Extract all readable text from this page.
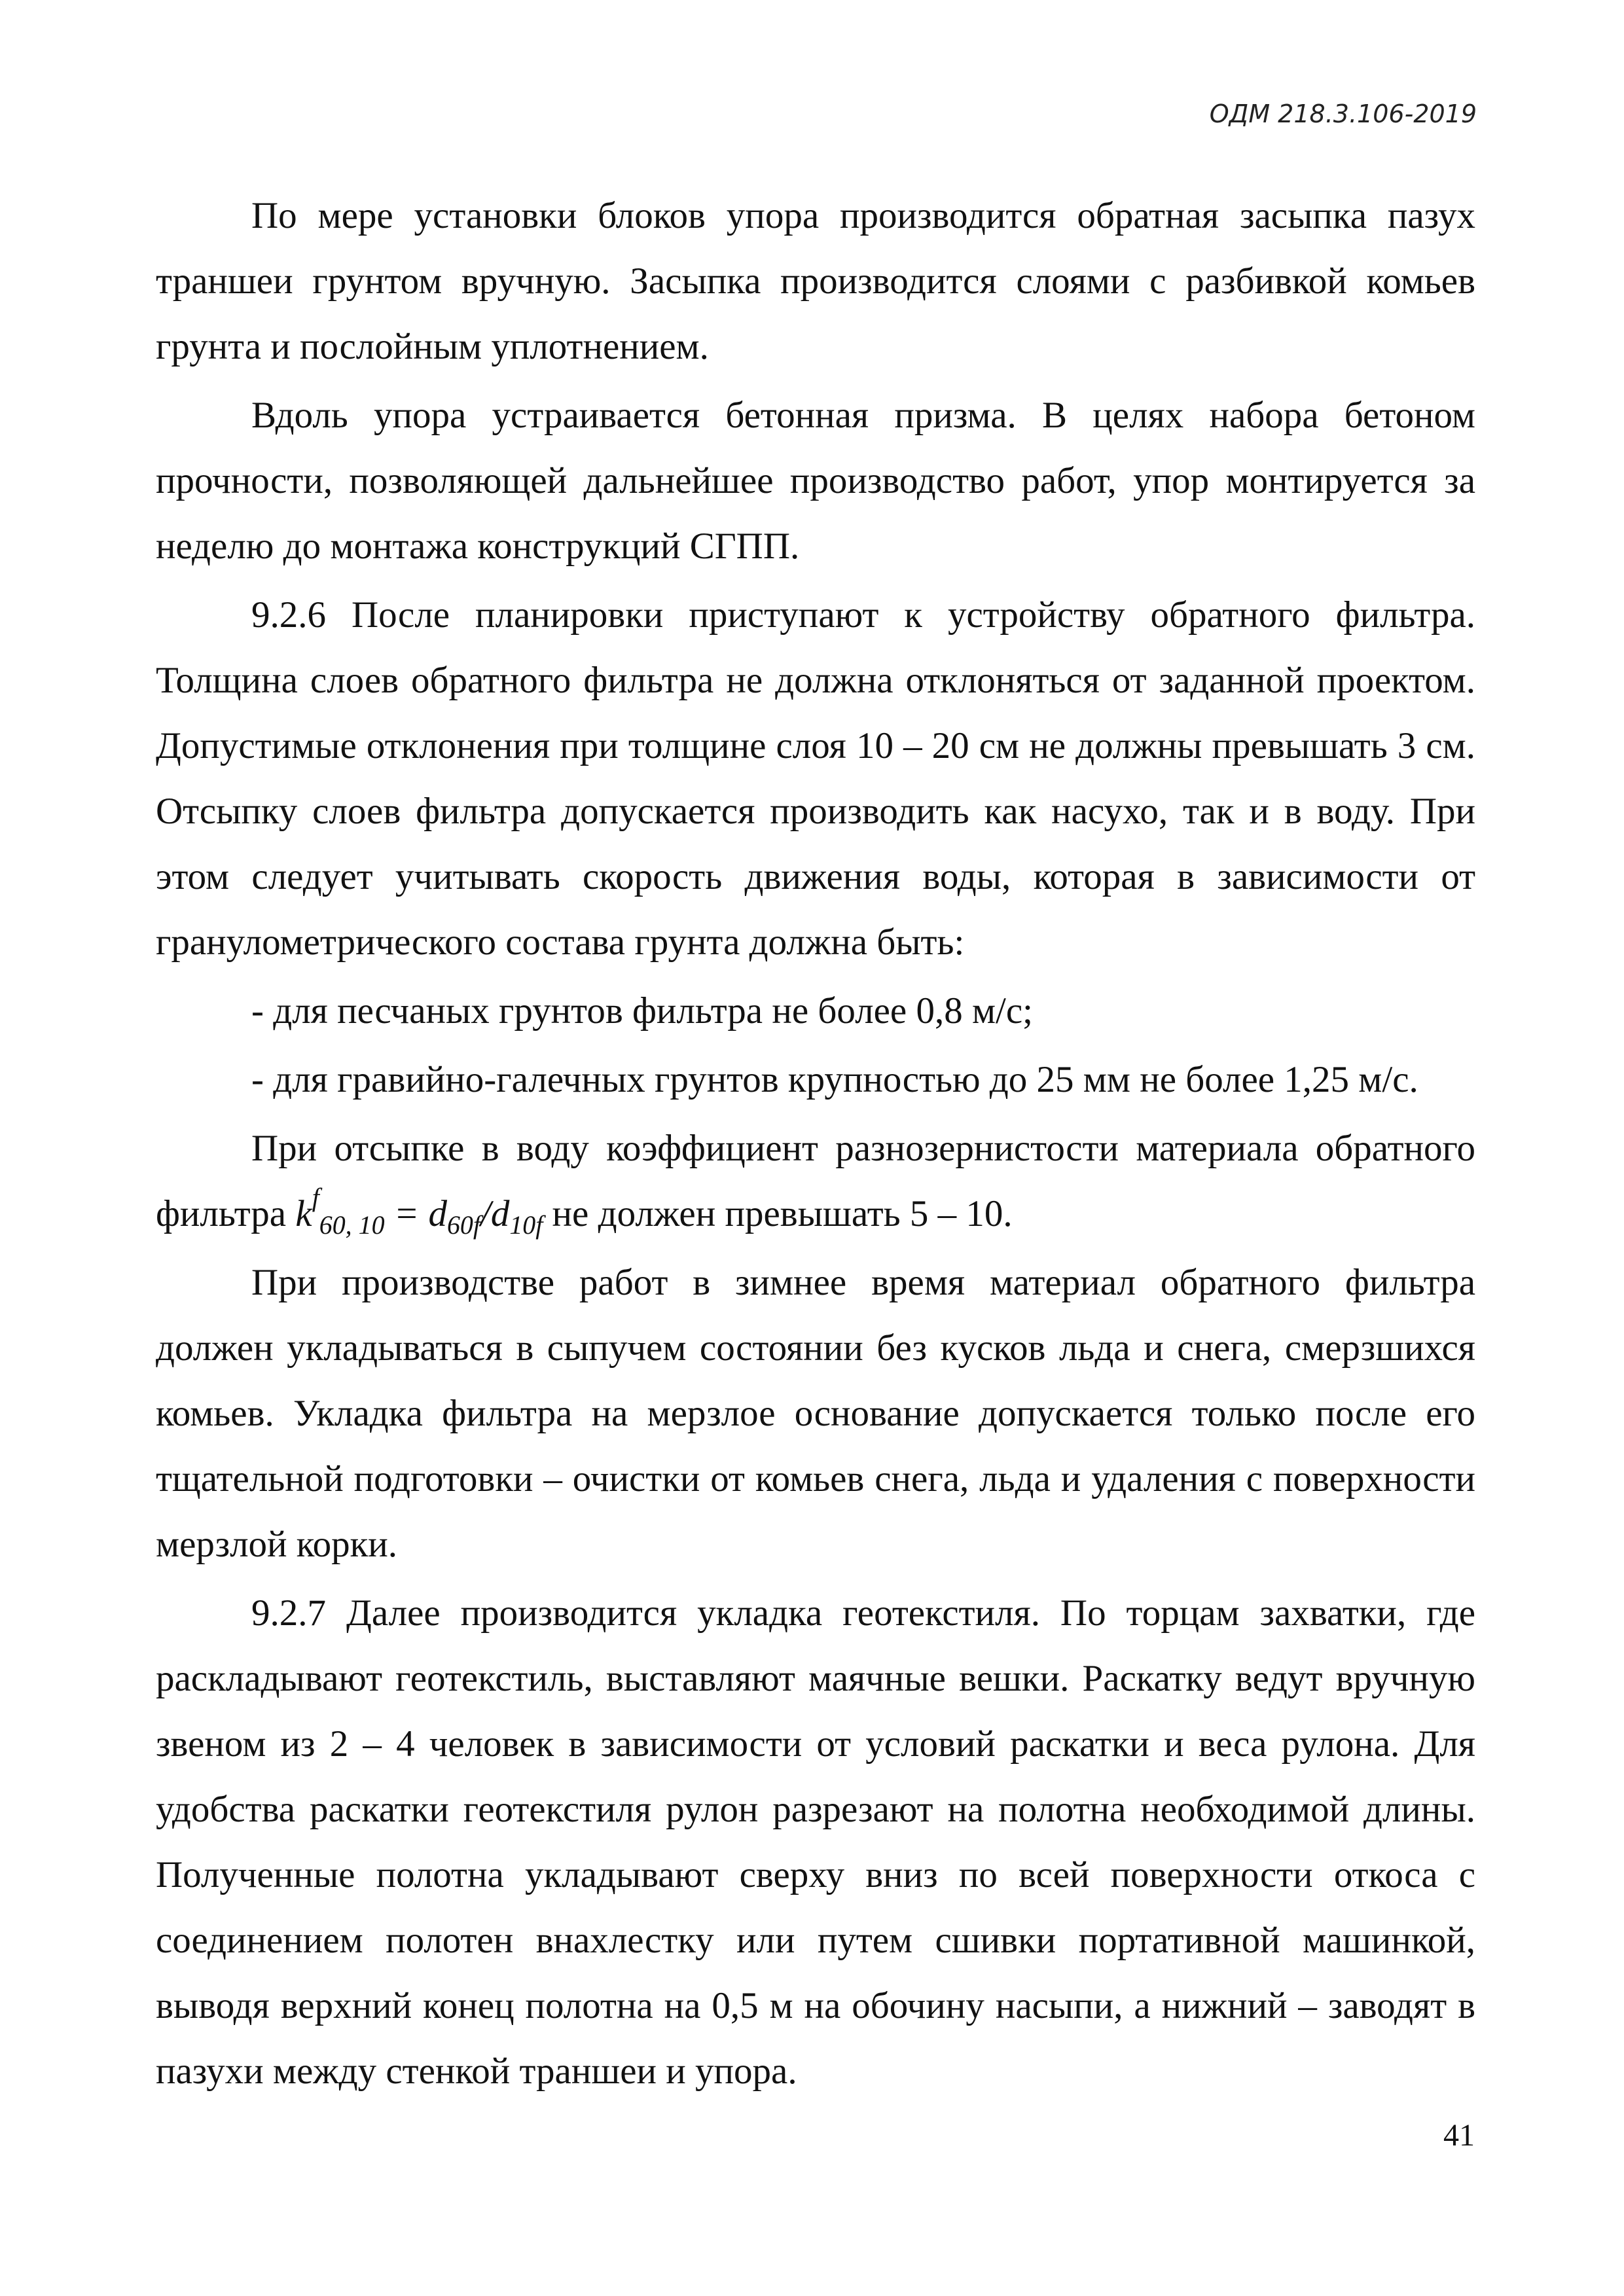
ОДМ 218.3.106-2019

По мере установки блоков упора производится обратная засыпка пазух траншеи грунтом вручную. Засыпка производится слоями с разбивкой комьев грунта и послойным уплотнением.

Вдоль упора устраивается бетонная призма. В целях набора бетоном прочности, позволяющей дальнейшее производство работ, упор монтируется за неделю до монтажа конструкций СГПП.

9.2.6 После планировки приступают к устройству обратного фильтра. Толщина слоев обратного фильтра не должна отклоняться от заданной проектом. Допустимые отклонения при толщине слоя 10 – 20 см не должны превышать 3 см. Отсыпку слоев фильтра допускается производить как насухо, так и в воду. При этом следует учитывать скорость движения воды, которая в зависимости от гранулометрического состава грунта должна быть:

- для песчаных грунтов фильтра не более 0,8 м/с;

- для гравийно-галечных грунтов крупностью до 25 мм не более 1,25 м/с.

При отсыпке в воду коэффициент разнозернистости материала обратного фильтра $k^f_{60, 10} = d_{60f}/d_{10f}$ не должен превышать 5 – 10.

При производстве работ в зимнее время материал обратного фильтра должен укладываться в сыпучем состоянии без кусков льда и снега, смерзшихся комьев. Укладка фильтра на мерзлое основание допускается только после его тщательной подготовки – очистки от комьев снега, льда и удаления с поверхности мерзлой корки.

9.2.7 Далее производится укладка геотекстиля. По торцам захватки, где раскладывают геотекстиль, выставляют маячные вешки. Раскатку ведут вручную звеном из 2 – 4 человек в зависимости от условий раскатки и веса рулона. Для удобства раскатки геотекстиля рулон разрезают на полотна необходимой длины. Полученные полотна укладывают сверху вниз по всей поверхности откоса с соединением полотен внахлестку или путем сшивки портативной машинкой, выводя верхний конец полотна на 0,5 м на обочину насыпи, а нижний – заводят в пазухи между стенкой траншеи и упора.

41
